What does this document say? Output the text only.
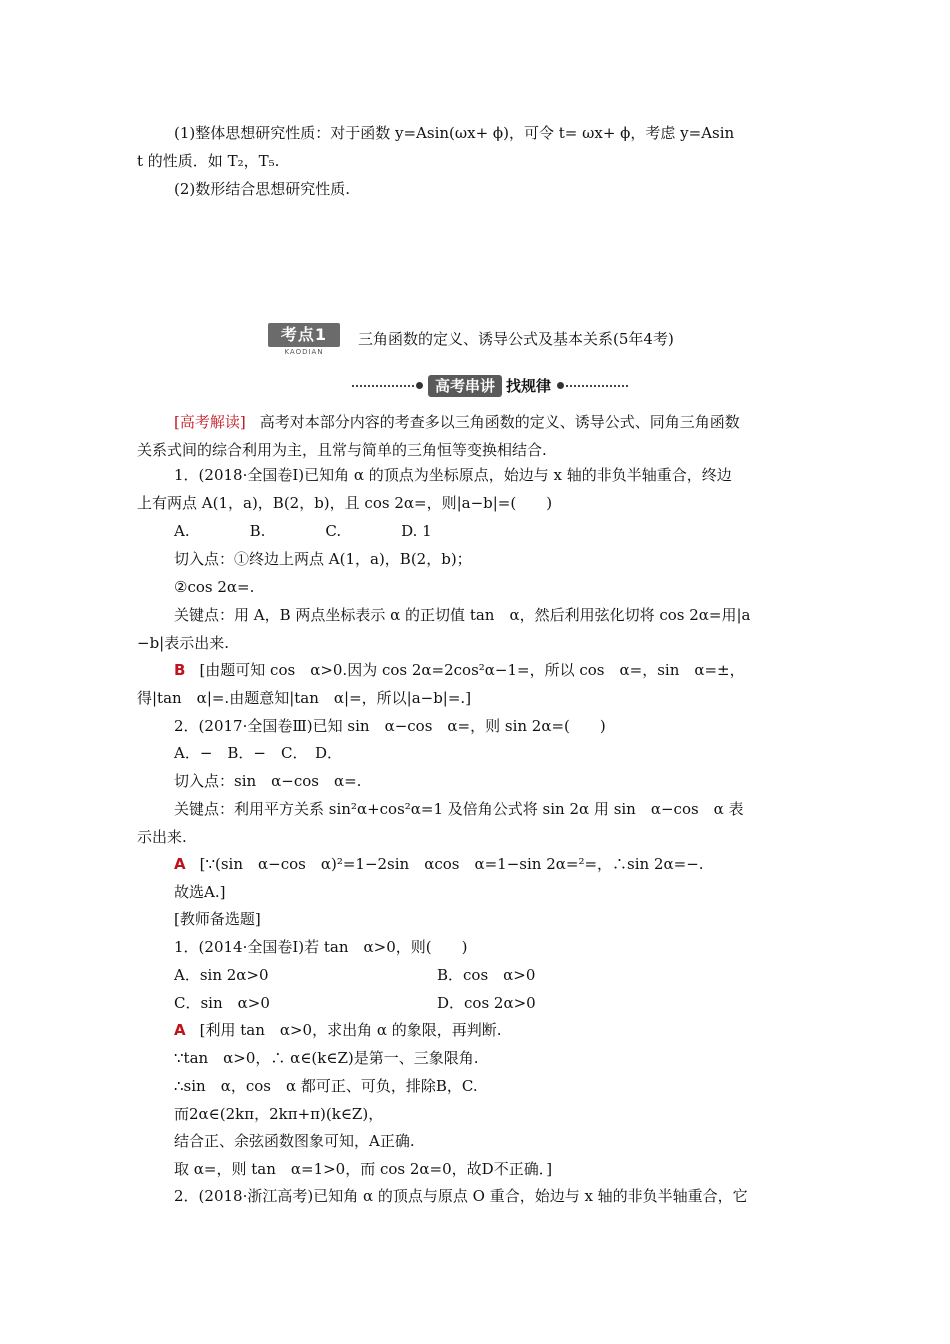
(1)整体思想研究性质：对于函数 y=Asin(ωx+ ϕ)，可令 t= ωx+ ϕ，考虑 y=Asin
t 的性质．如 T₂，T₅.
(2)数形结合思想研究性质.
考点1
KAODIAN
三角函数的定义、诱导公式及基本关系(5年4考)
高考串讲 找规律
[高考解读] 高考对本部分内容的考查多以三角函数的定义、诱导公式、同角三角函数
关系式间的综合利用为主，且常与简单的三角恒等变换相结合.
1．(2018·全国卷Ⅰ)已知角 α 的顶点为坐标原点，始边与 x 轴的非负半轴重合，终边
上有两点 A(1，a)，B(2，b)，且 cos 2α=，则|a−b|=(　　)
A.　　　　B.　　　　C.　　　　D. 1
切入点：①终边上两点 A(1，a)，B(2，b)；
②cos 2α=.
关键点：用 A，B 两点坐标表示 α 的正切值 tan　α，然后利用弦化切将 cos 2α=用|a
−b|表示出来.
B [由题可知 cos　α>0.因为 cos 2α=2cos²α−1=，所以 cos　α=，sin　α=±，
得|tan　α|=.由题意知|tan　α|=，所以|a−b|=.]
2．(2017·全国卷Ⅲ)已知 sin　α−cos　α=，则 sin 2α=(　　)
A．−　B．−　C．　D．
切入点：sin　α−cos　α=.
关键点：利用平方关系 sin²α+cos²α=1 及倍角公式将 sin 2α 用 sin　α−cos　α 表
示出来.
A [∵(sin　α−cos　α)²=1−2sin　αcos　α=1−sin 2α=²=，∴sin 2α=−.
故选A.]
[教师备选题]
1．(2014·全国卷Ⅰ)若 tan　α>0，则(　　)
A．sin 2α>0	B．cos　α>0
C．sin　α>0	D．cos 2α>0
A [利用 tan　α>0，求出角 α 的象限，再判断.
∵tan　α>0，∴ α∈(k∈Z)是第一、三象限角.
∴sin　α，cos　α 都可正、可负，排除B，C.
而2α∈(2kπ，2kπ+π)(k∈Z)，
结合正、余弦函数图象可知，A正确.
取 α=，则 tan　α=1>0，而 cos 2α=0，故D不正确．]
2．(2018·浙江高考)已知角 α 的顶点与原点 O 重合，始边与 x 轴的非负半轴重合，它
